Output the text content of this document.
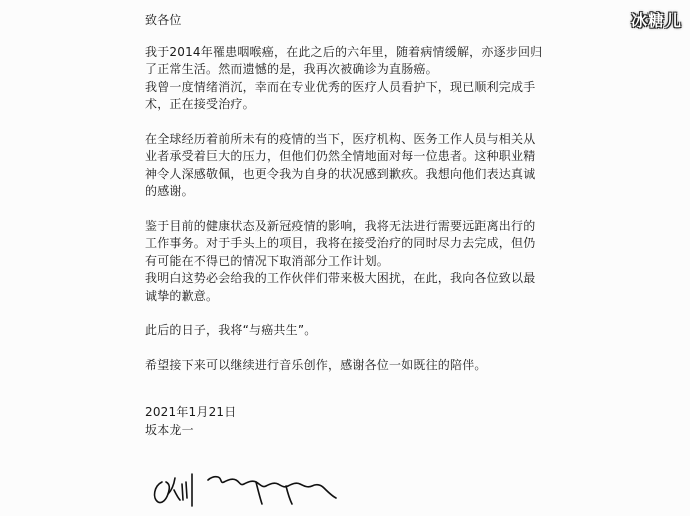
冰糖儿
致各位
我于2014年罹患咽喉癌，在此之后的六年里，随着病情缓解，亦逐步回归
了正常生活。然而遗憾的是，我再次被确诊为直肠癌。
我曾一度情绪消沉，幸而在专业优秀的医疗人员看护下，现已顺利完成手
术，正在接受治疗。
在全球经历着前所未有的疫情的当下，医疗机构、医务工作人员与相关从
业者承受着巨大的压力，但他们仍然全情地面对每一位患者。这种职业精
神令人深感敬佩，也更令我为自身的状况感到歉疚。我想向他们表达真诚
的感谢。
鉴于目前的健康状态及新冠疫情的影响，我将无法进行需要远距离出行的
工作事务。对于手头上的项目，我将在接受治疗的同时尽力去完成，但仍
有可能在不得已的情况下取消部分工作计划。
我明白这势必会给我的工作伙伴们带来极大困扰，在此，我向各位致以最
诚挚的歉意。
此后的日子，我将“与癌共生”。
希望接下来可以继续进行音乐创作，感谢各位一如既往的陪伴。
2021年1月21日
坂本龙一
